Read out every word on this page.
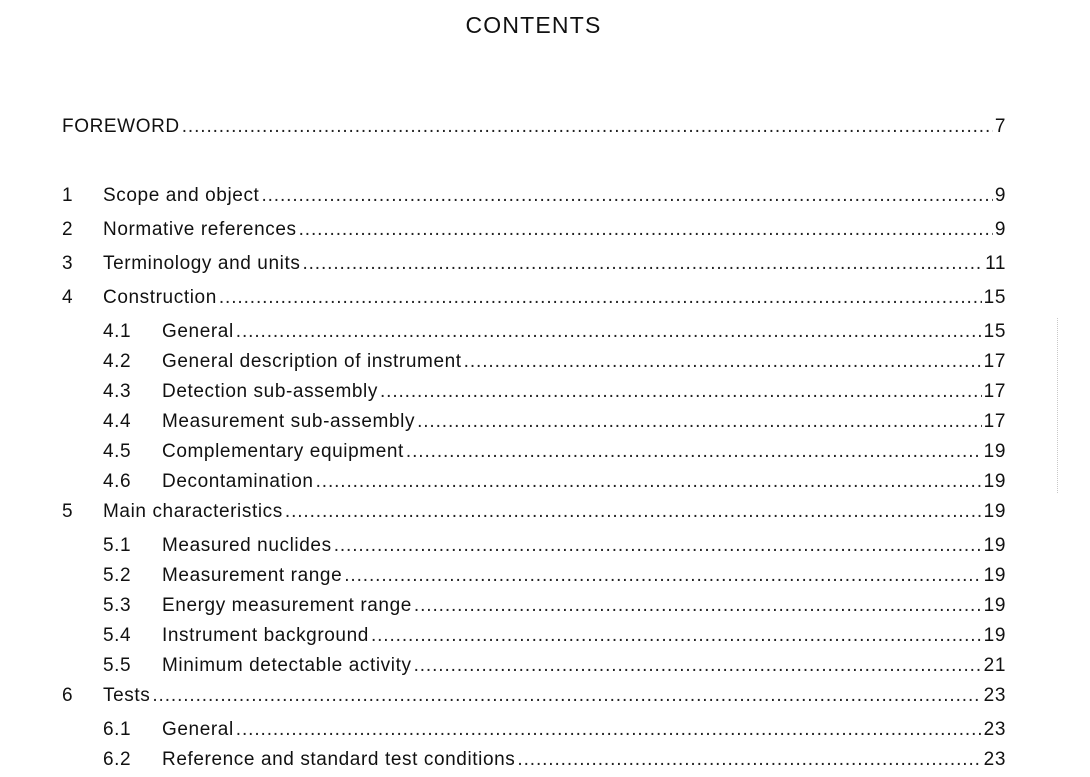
CONTENTS
FOREWORD .....	7
1	Scope and object .....	9
2	Normative references .....	9
3	Terminology and units .....	11
4	Construction .....	15
4.1	General .....	15
4.2	General description of instrument .....	17
4.3	Detection sub-assembly .....	17
4.4	Measurement sub-assembly .....	17
4.5	Complementary equipment .....	19
4.6	Decontamination .....	19
5	Main characteristics .....	19
5.1	Measured nuclides .....	19
5.2	Measurement range .....	19
5.3	Energy measurement range .....	19
5.4	Instrument background .....	19
5.5	Minimum detectable activity .....	21
6	Tests .....	23
6.1	General .....	23
6.2	Reference and standard test conditions .....	23
